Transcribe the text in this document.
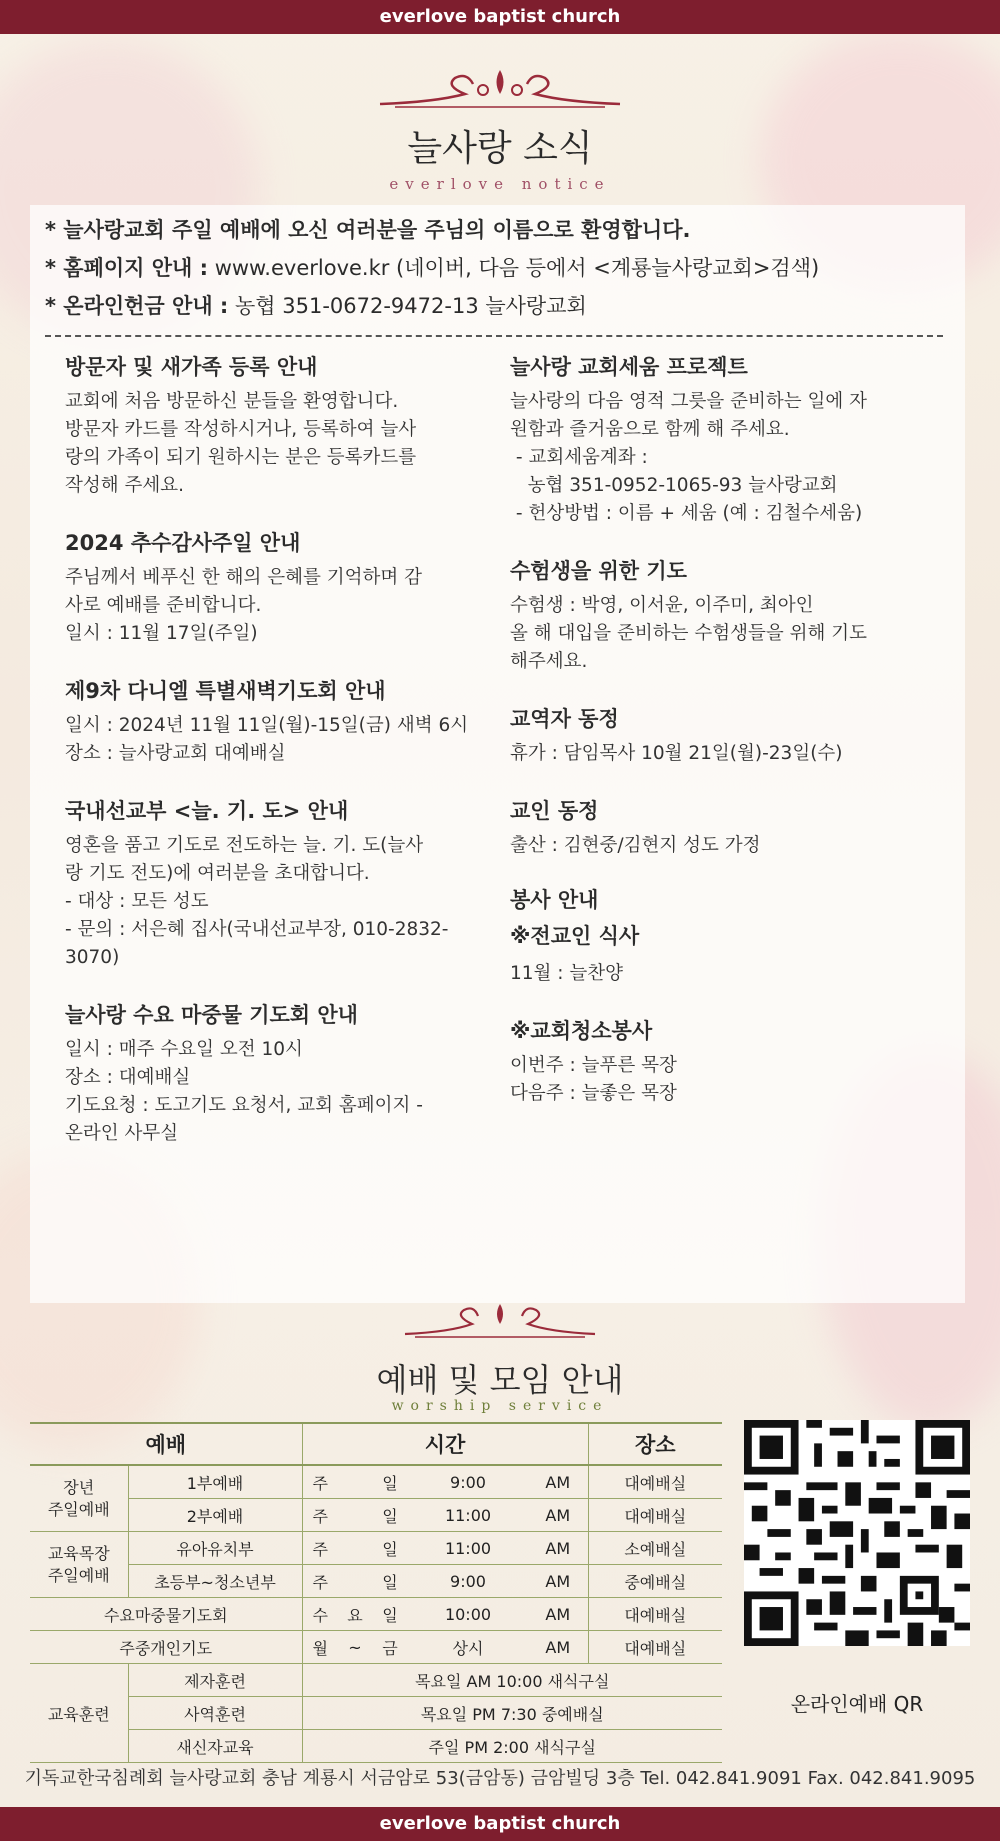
everlove baptist church
늘사랑 소식
everlove notice
* 늘사랑교회 주일 예배에 오신 여러분을 주님의 이름으로 환영합니다.
* 홈페이지 안내 : www.everlove.kr (네이버, 다음 등에서 <계룡늘사랑교회>검색)
* 온라인헌금 안내 : 농협 351-0672-9472-13 늘사랑교회
방문자 및 새가족 등록 안내

교회에 처음 방문하신 분들을 환영합니다.
방문자 카드를 작성하시거나, 등록하여 늘사
랑의 가족이 되기 원하시는 분은 등록카드를
작성해 주세요.

2024 추수감사주일 안내

주님께서 베푸신 한 해의 은혜를 기억하며 감
사로 예배를 준비합니다.
일시 : 11월 17일(주일)

제9차 다니엘 특별새벽기도회 안내

일시 : 2024년 11월 11일(월)-15일(금) 새벽 6시
장소 : 늘사랑교회 대예배실

국내선교부 <늘. 기. 도> 안내

영혼을 품고 기도로 전도하는 늘. 기. 도(늘사
랑 기도 전도)에 여러분을 초대합니다.
- 대상 : 모든 성도
- 문의 : 서은혜 집사(국내선교부장, 010-2832-
3070)

늘사랑 수요 마중물 기도회 안내

일시 : 매주 수요일 오전 10시
장소 : 대예배실
기도요청 : 도고기도 요청서, 교회 홈페이지 -
온라인 사무실

늘사랑 교회세움 프로젝트

늘사랑의 다음 영적 그릇을 준비하는 일에 자
원함과 즐거움으로 함께 해 주세요.
- 교회세움계좌 :
농협 351-0952-1065-93 늘사랑교회
- 헌상방법 : 이름 + 세움 (예 : 김철수세움)

수험생을 위한 기도

수험생 : 박영, 이서윤, 이주미, 최아인
올 해 대입을 준비하는 수험생들을 위해 기도
해주세요.

교역자 동정

휴가 : 담임목사 10월 21일(월)-23일(수)

교인 동정

출산 : 김현중/김현지 성도 가정

봉사 안내
※전교인 식사

11월 : 늘찬양

※교회청소봉사

이번주 : 늘푸른 목장
다음주 : 늘좋은 목장

예배 및 모임 안내
worship service
예배		시간					장소
장년
주일예배	1부예배	주		일	9:00	AM	대예배실
	2부예배	주		일	11:00	AM	대예배실
교육목장
주일예배	유아유치부	주		일	11:00	AM	소예배실
	초등부~청소년부	주		일	9:00	AM	중예배실
수요마중물기도회		수	요	일	10:00	AM	대예배실
주중개인기도		월	~	금	상시	AM	대예배실
교육훈련	제자훈련	목요일 AM 10:00 새식구실					
	사역훈련	목요일 PM 7:30 중예배실					
	새신자교육	주일 PM 2:00 새식구실					
온라인예배 QR
기독교한국침례회 늘사랑교회 충남 계룡시 서금암로 53(금암동) 금암빌딩 3층 Tel. 042.841.9091 Fax. 042.841.9095
everlove baptist church
